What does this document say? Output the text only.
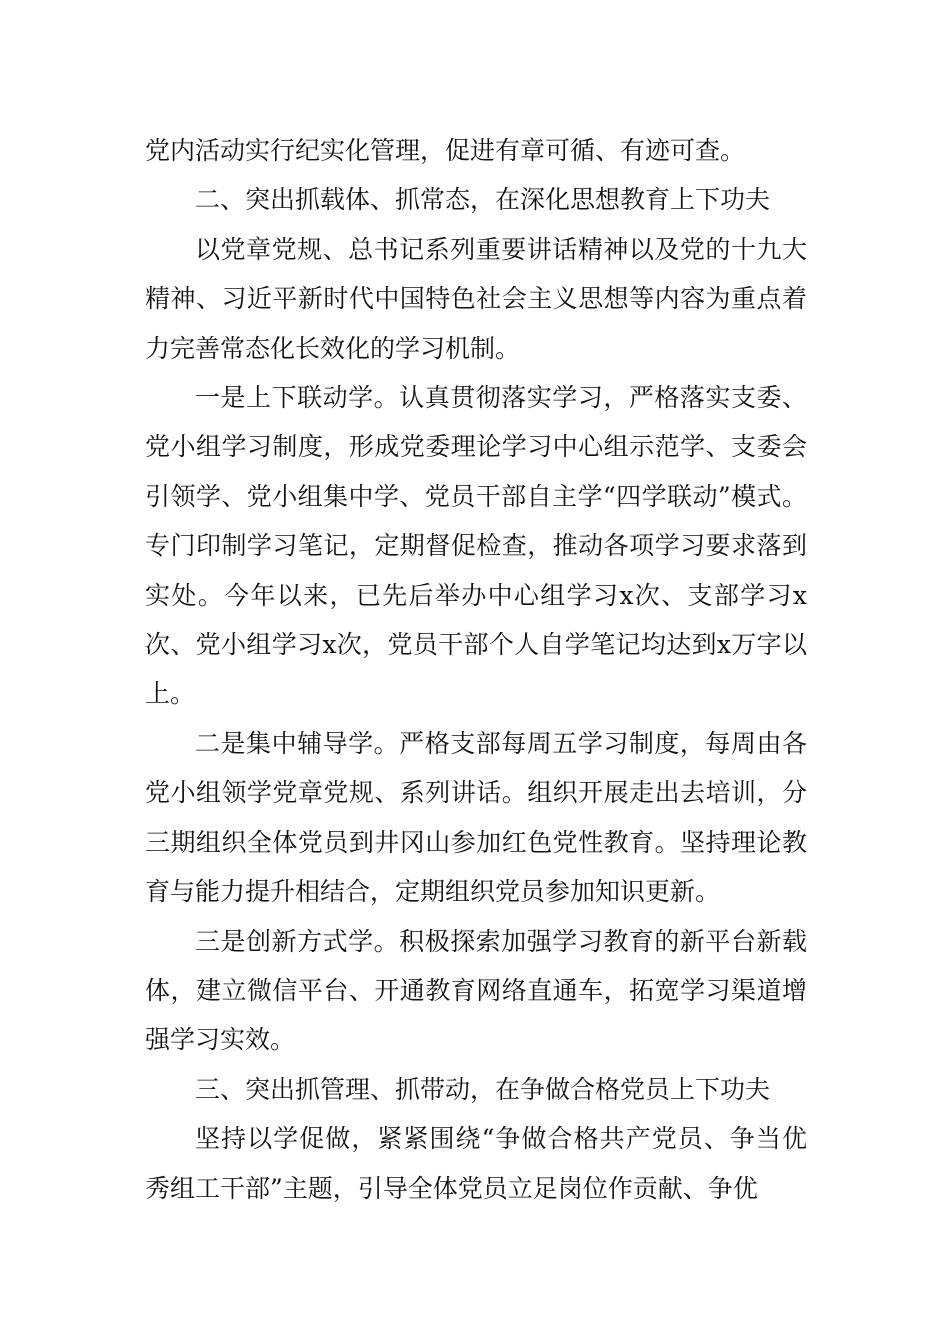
党内活动实行纪实化管理，促进有章可循、有迹可查。

二、突出抓载体、抓常态，在深化思想教育上下功夫

以党章党规、总书记系列重要讲话精神以及党的十九大精神、习近平新时代中国特色社会主义思想等内容为重点着力完善常态化长效化的学习机制。

一是上下联动学。认真贯彻落实学习，严格落实支委、党小组学习制度，形成党委理论学习中心组示范学、支委会引领学、党小组集中学、党员干部自主学“四学联动”模式。专门印制学习笔记，定期督促检查，推动各项学习要求落到实处。今年以来，已先后举办中心组学习x次、支部学习x次、党小组学习x次，党员干部个人自学笔记均达到x万字以上。

二是集中辅导学。严格支部每周五学习制度，每周由各党小组领学党章党规、系列讲话。组织开展走出去培训，分三期组织全体党员到井冈山参加红色党性教育。坚持理论教育与能力提升相结合，定期组织党员参加知识更新。

三是创新方式学。积极探索加强学习教育的新平台新载体，建立微信平台、开通教育网络直通车，拓宽学习渠道增强学习实效。

三、突出抓管理、抓带动，在争做合格党员上下功夫

坚持以学促做，紧紧围绕“争做合格共产党员、争当优秀组工干部”主题，引导全体党员立足岗位作贡献、争优
